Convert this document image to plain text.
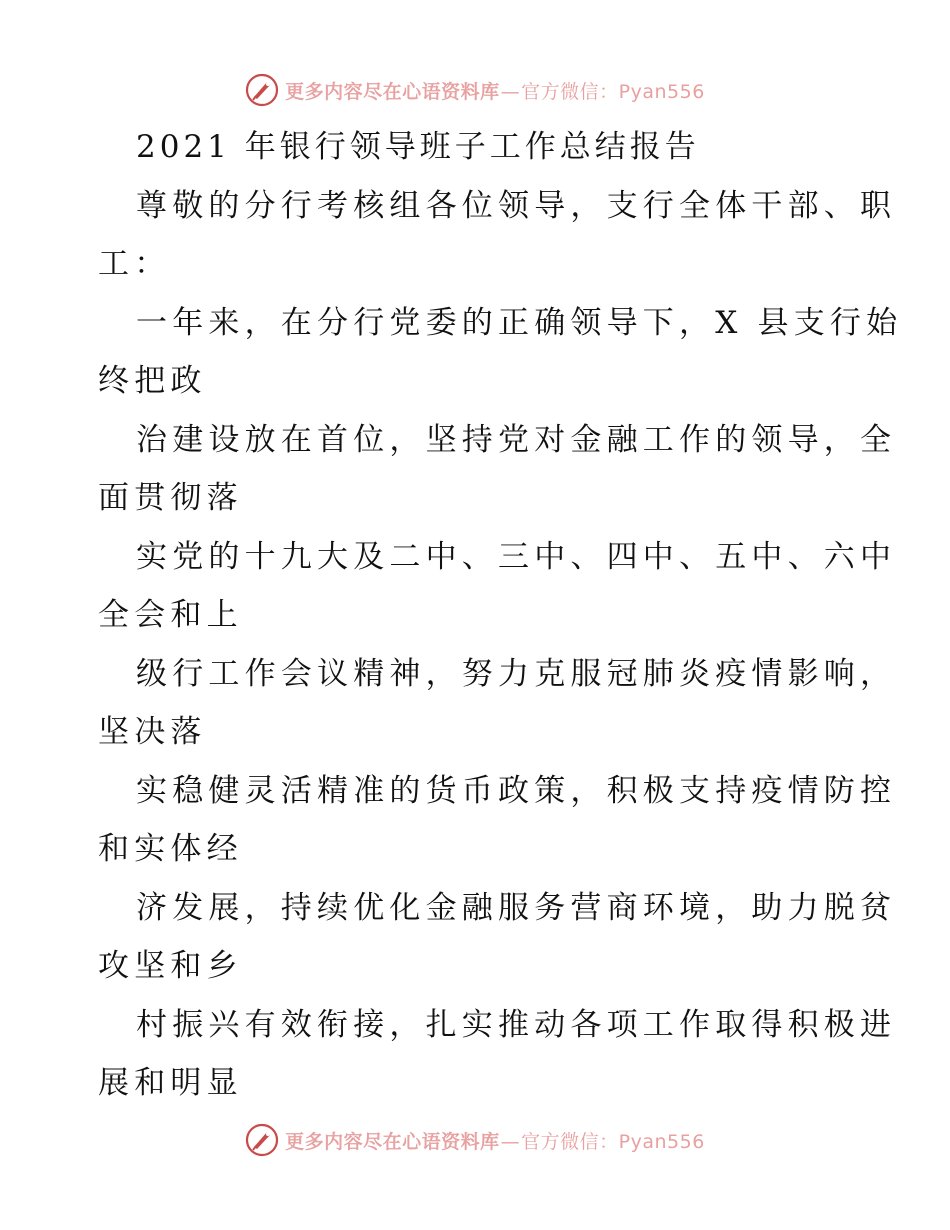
更多内容尽在心语资料库—官方微信：Pyan556

2021 年银行领导班子工作总结报告

尊敬的分行考核组各位领导，支行全体干部、职

工：

一年来，在分行党委的正确领导下，X 县支行始

终把政

治建设放在首位，坚持党对金融工作的领导，全

面贯彻落

实党的十九大及二中、三中、四中、五中、六中

全会和上

级行工作会议精神，努力克服冠肺炎疫情影响，

坚决落

实稳健灵活精准的货币政策，积极支持疫情防控

和实体经

济发展，持续优化金融服务营商环境，助力脱贫

攻坚和乡

村振兴有效衔接，扎实推动各项工作取得积极进

展和明显

更多内容尽在心语资料库—官方微信：Pyan556
